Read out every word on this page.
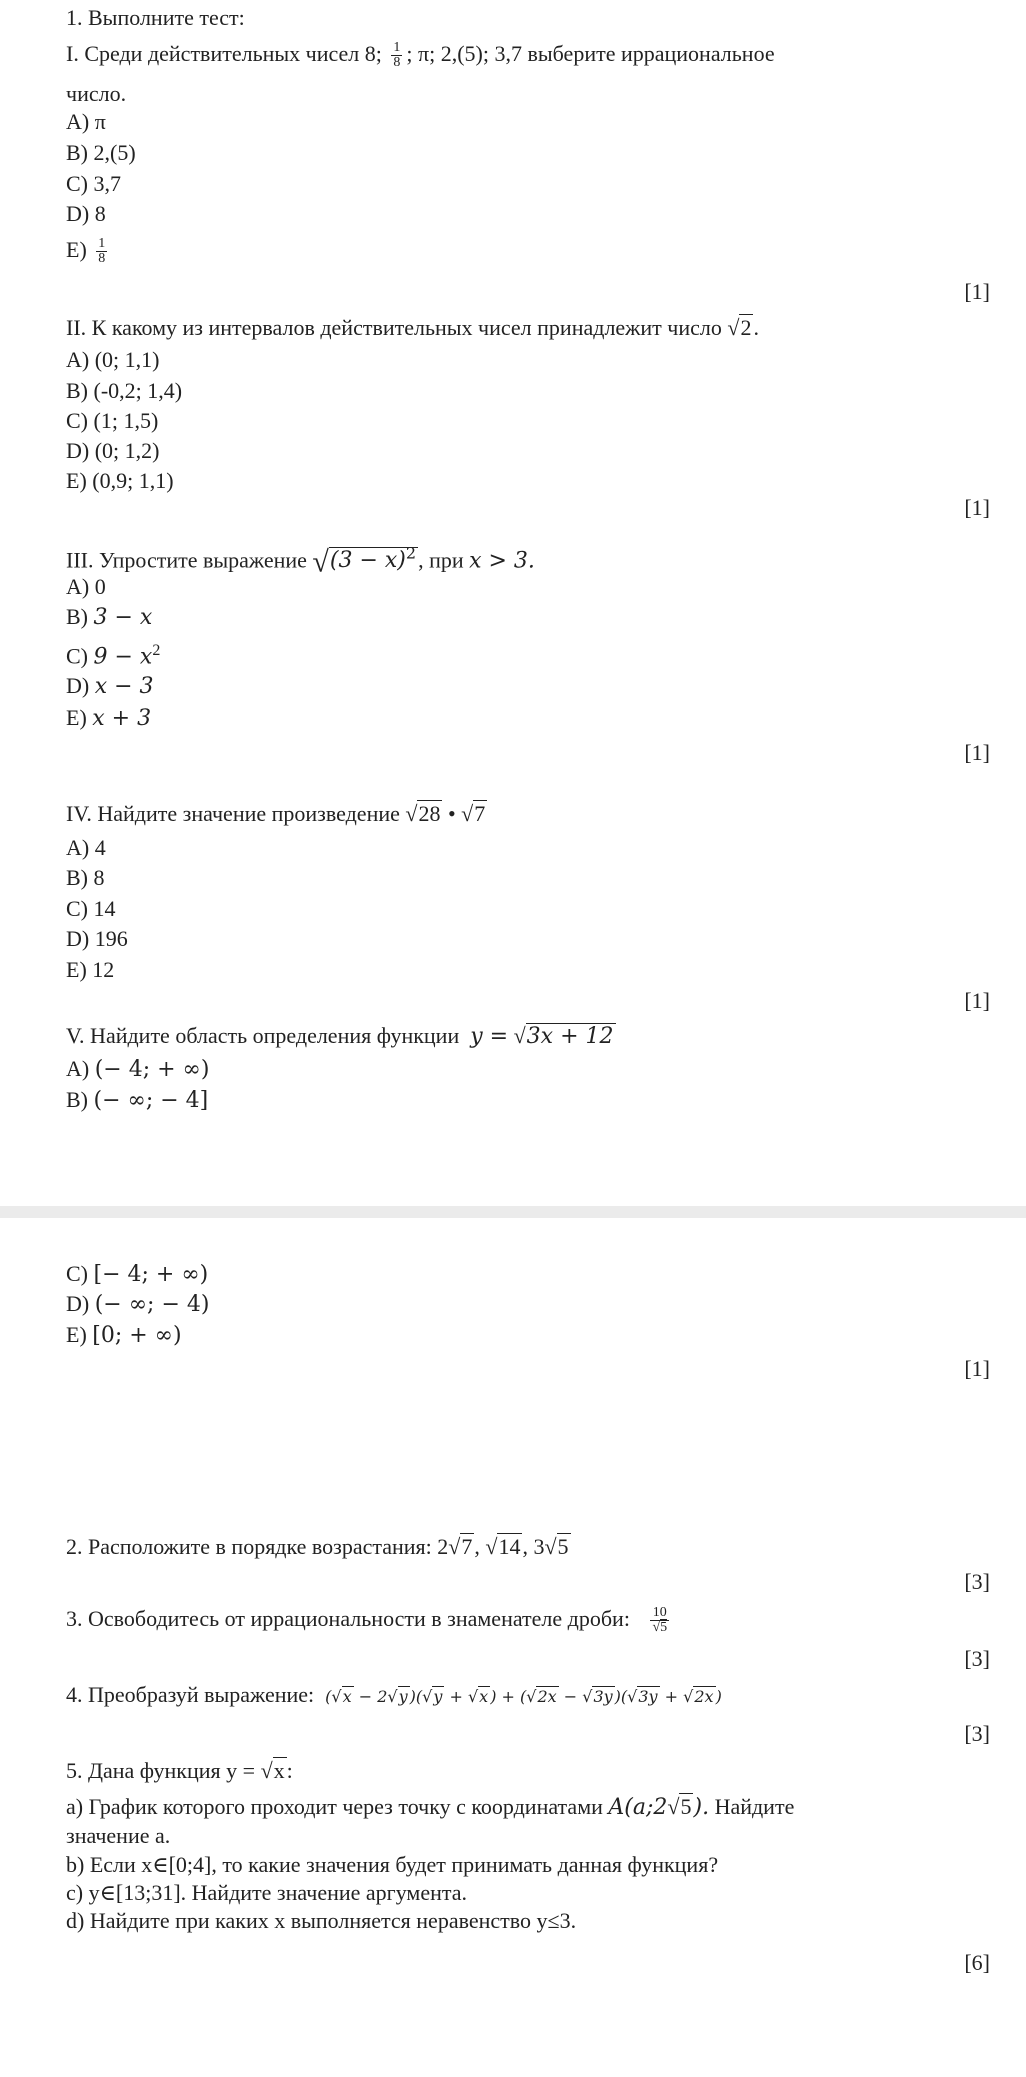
1. Выполните тест:
I. Среди действительных чисел 8; $\frac{1}{8}$ ; π; 2,(5); 3,7 выберите иррациональное
число.
A) π
B) 2,(5)
C) 3,7
D) 8
$E) \frac{1}{8}$
[1]
II. К какому из интервалов действительных чисел принадлежит число √2.
A) (0; 1,1)
B) (-0,2; 1,4)
C) (1; 1,5)
D) (0; 1,2)
E) (0,9; 1,1)
[1]
III. Упростите выражение $√(3 - x)^2$, при x > 3.
A) 0
B) 3 − x
C) $9 - x^2$
D) x − 3
E) x + 3
[1]
IV. Найдите значение произведение √28 • √7
A) 4
B) 8
C) 14
D) 196
E) 12
[1]
V. Найдите область определения функции y = √3x + 12
A) (− 4; + ∞)
B) (− ∞; − 4]
C) [− 4; + ∞)
D) (− ∞; − 4)
E) [0; + ∞)
[1]
2. Расположите в порядке возрастания: 2√7, √14, 3√5
[3]
3. Освободитесь от иррациональности в знаменателе дроби: $\frac{10}{√5}$
[3]
4. Преобразуй выражение: (√x − 2√y )(√y + √x ) + (√2x − √3y )(√3y + √2x )
[3]
5. Дана функция y = √x:
а) График которого проходит через точку с координатами A(a;2√5). Найдите
значение a.
b) Если x∈[0;4], то какие значения будет принимать данная функция?
c) y∈[13;31]. Найдите значение аргумента.
d) Найдите при каких x выполняется неравенство y≤3.
[6]
